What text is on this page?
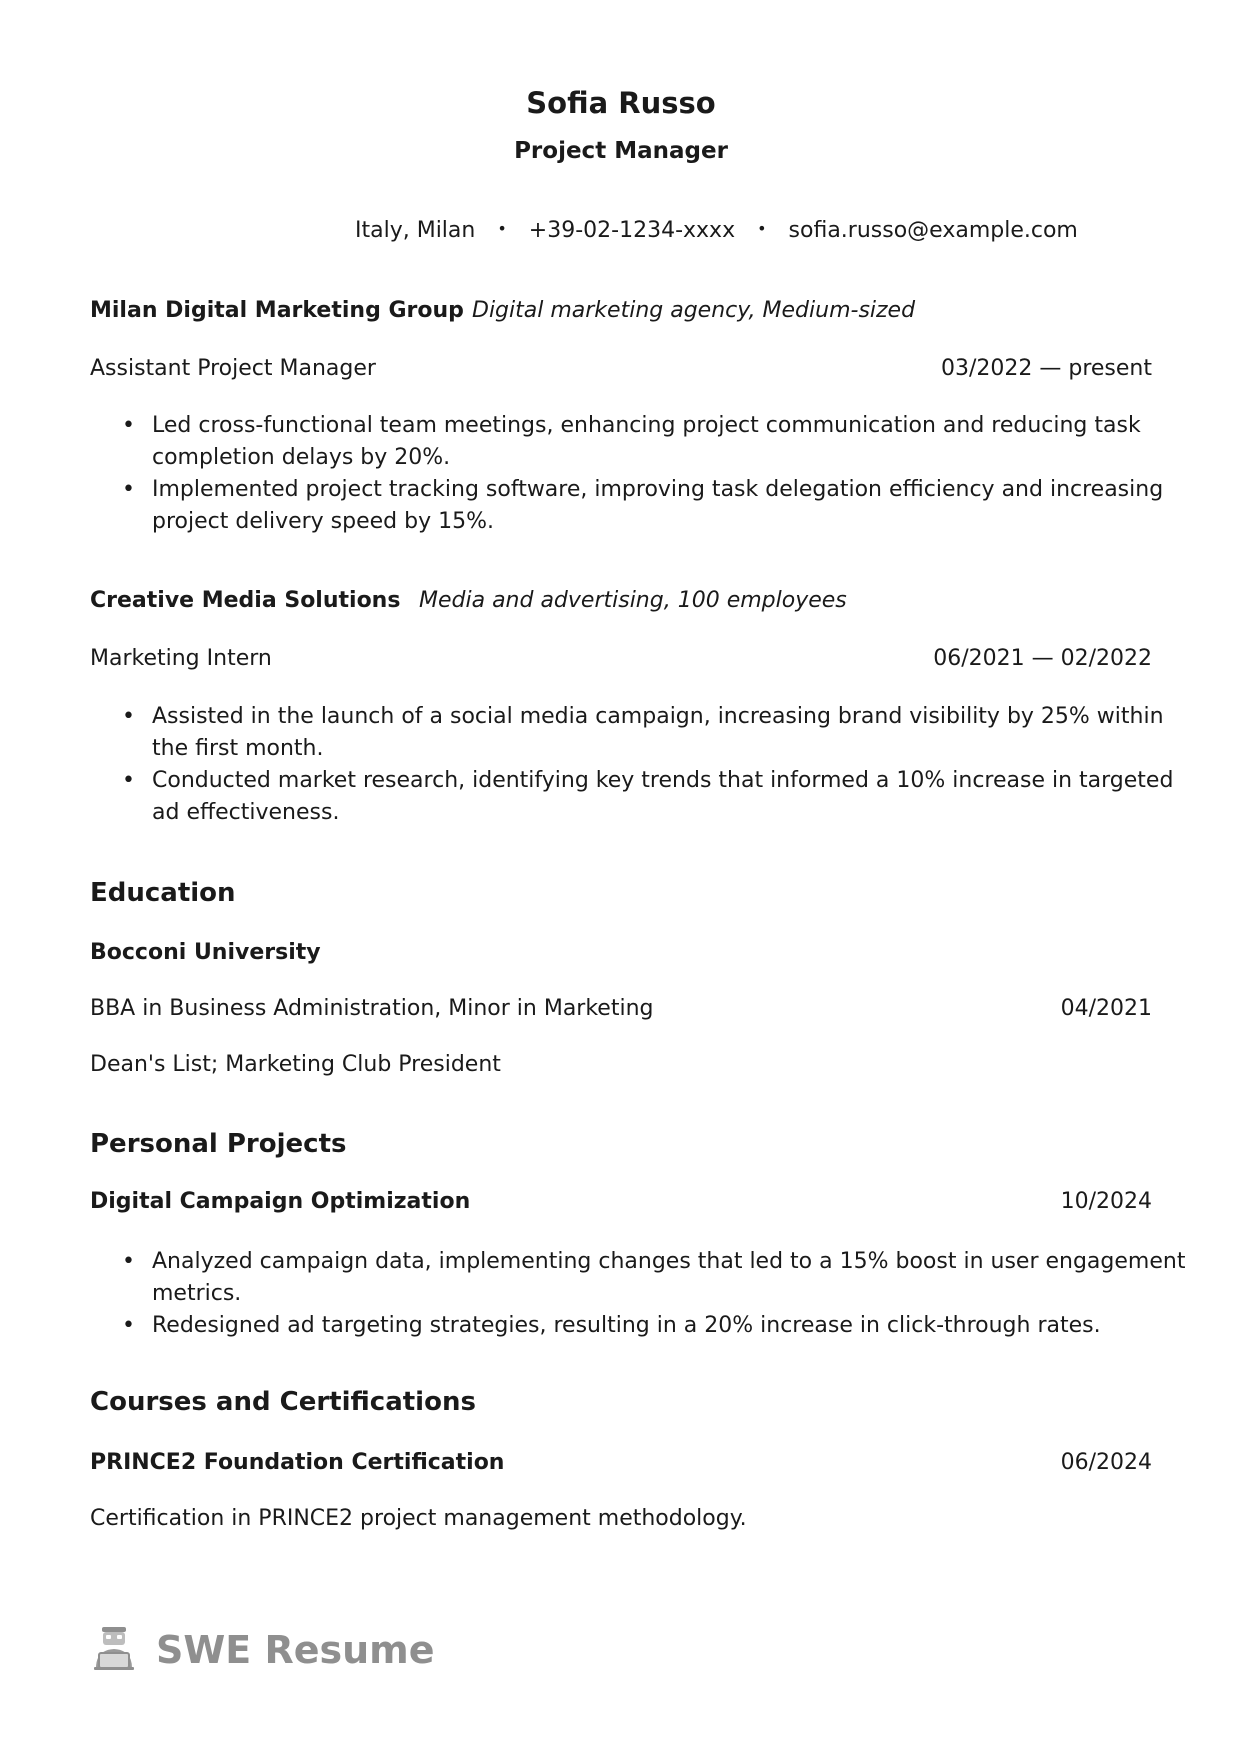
Sofia Russo
Project Manager
Italy, Milan • +39-02-1234-xxxx • sofia.russo@example.com
Milan Digital Marketing Group Digital marketing agency, Medium-sized
Assistant Project Manager	03/2022 — present
• Led cross-functional team meetings, enhancing project communication and reducing task completion delays by 20%.
• Implemented project tracking software, improving task delegation efficiency and increasing project delivery speed by 15%.
Creative Media Solutions Media and advertising, 100 employees
Marketing Intern	06/2021 — 02/2022
• Assisted in the launch of a social media campaign, increasing brand visibility by 25% within the first month.
• Conducted market research, identifying key trends that informed a 10% increase in targeted ad effectiveness.
Education
Bocconi University
BBA in Business Administration, Minor in Marketing	04/2021
Dean's List; Marketing Club President
Personal Projects
Digital Campaign Optimization	10/2024
• Analyzed campaign data, implementing changes that led to a 15% boost in user engagement metrics.
• Redesigned ad targeting strategies, resulting in a 20% increase in click-through rates.
Courses and Certifications
PRINCE2 Foundation Certification	06/2024
Certification in PRINCE2 project management methodology.
SWE Resume
